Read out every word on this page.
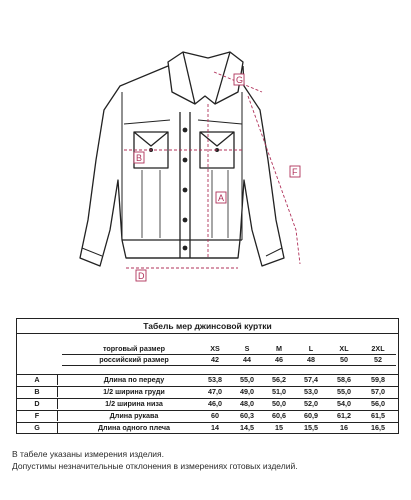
A
B
D
F
G
Табель мер джинсовой куртки
торговый размер	XS	S	M	L	XL	2XL
российский размер	42	44	46	48	50	52
A	Длина по переду	53,8	55,0	56,2	57,4	58,6	59,8
B	1/2 ширина груди	47,0	49,0	51,0	53,0	55,0	57,0
D	1/2 ширина низа	46,0	48,0	50,0	52,0	54,0	56,0
F	Длина рукава	60	60,3	60,6	60,9	61,2	61,5
G	Длина одного плеча	14	14,5	15	15,5	16	16,5
В табеле указаны измерения изделия.
Допустимы незначительные отклонения в измерениях готовых изделий.
